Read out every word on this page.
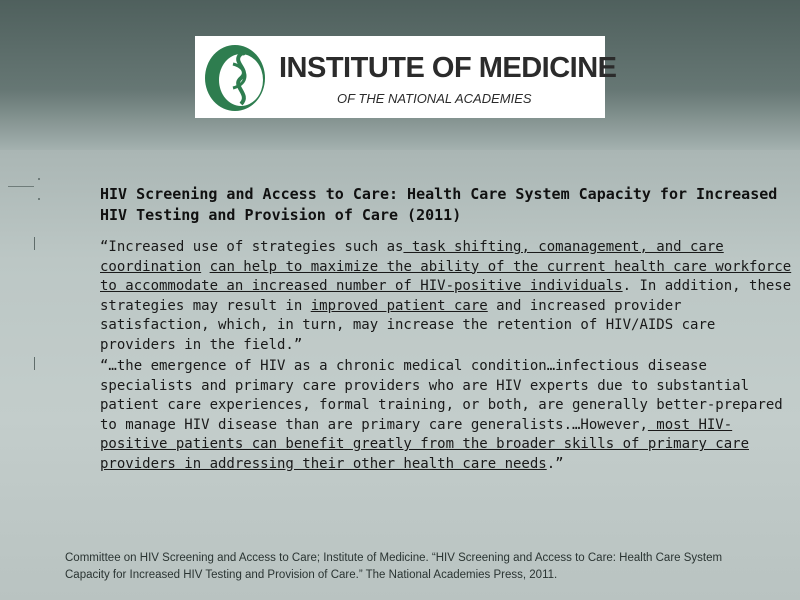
INSTITUTE OF MEDICINE
OF THE NATIONAL ACADEMIES
HIV Screening and Access to Care: Health Care System Capacity for Increased HIV Testing and Provision of Care (2011)
“Increased use of strategies such as task shifting, comanagement, and care coordination can help to maximize the ability of the current health care workforce to accommodate an increased number of HIV-positive individuals. In addition, these strategies may result in improved patient care and increased provider satisfaction, which, in turn, may increase the retention of HIV/AIDS care providers in the field.”
“…the emergence of HIV as a chronic medical condition…infectious disease specialists and primary care providers who are HIV experts due to substantial patient care experiences, formal training, or both, are generally better-prepared to manage HIV disease than are primary care generalists.…However, most HIV-positive patients can benefit greatly from the broader skills of primary care providers in addressing their other health care needs.”
Committee on HIV Screening and Access to Care; Institute of Medicine. “HIV Screening and Access to Care: Health Care System Capacity for Increased HIV Testing and Provision of Care.” The National Academies Press, 2011.
